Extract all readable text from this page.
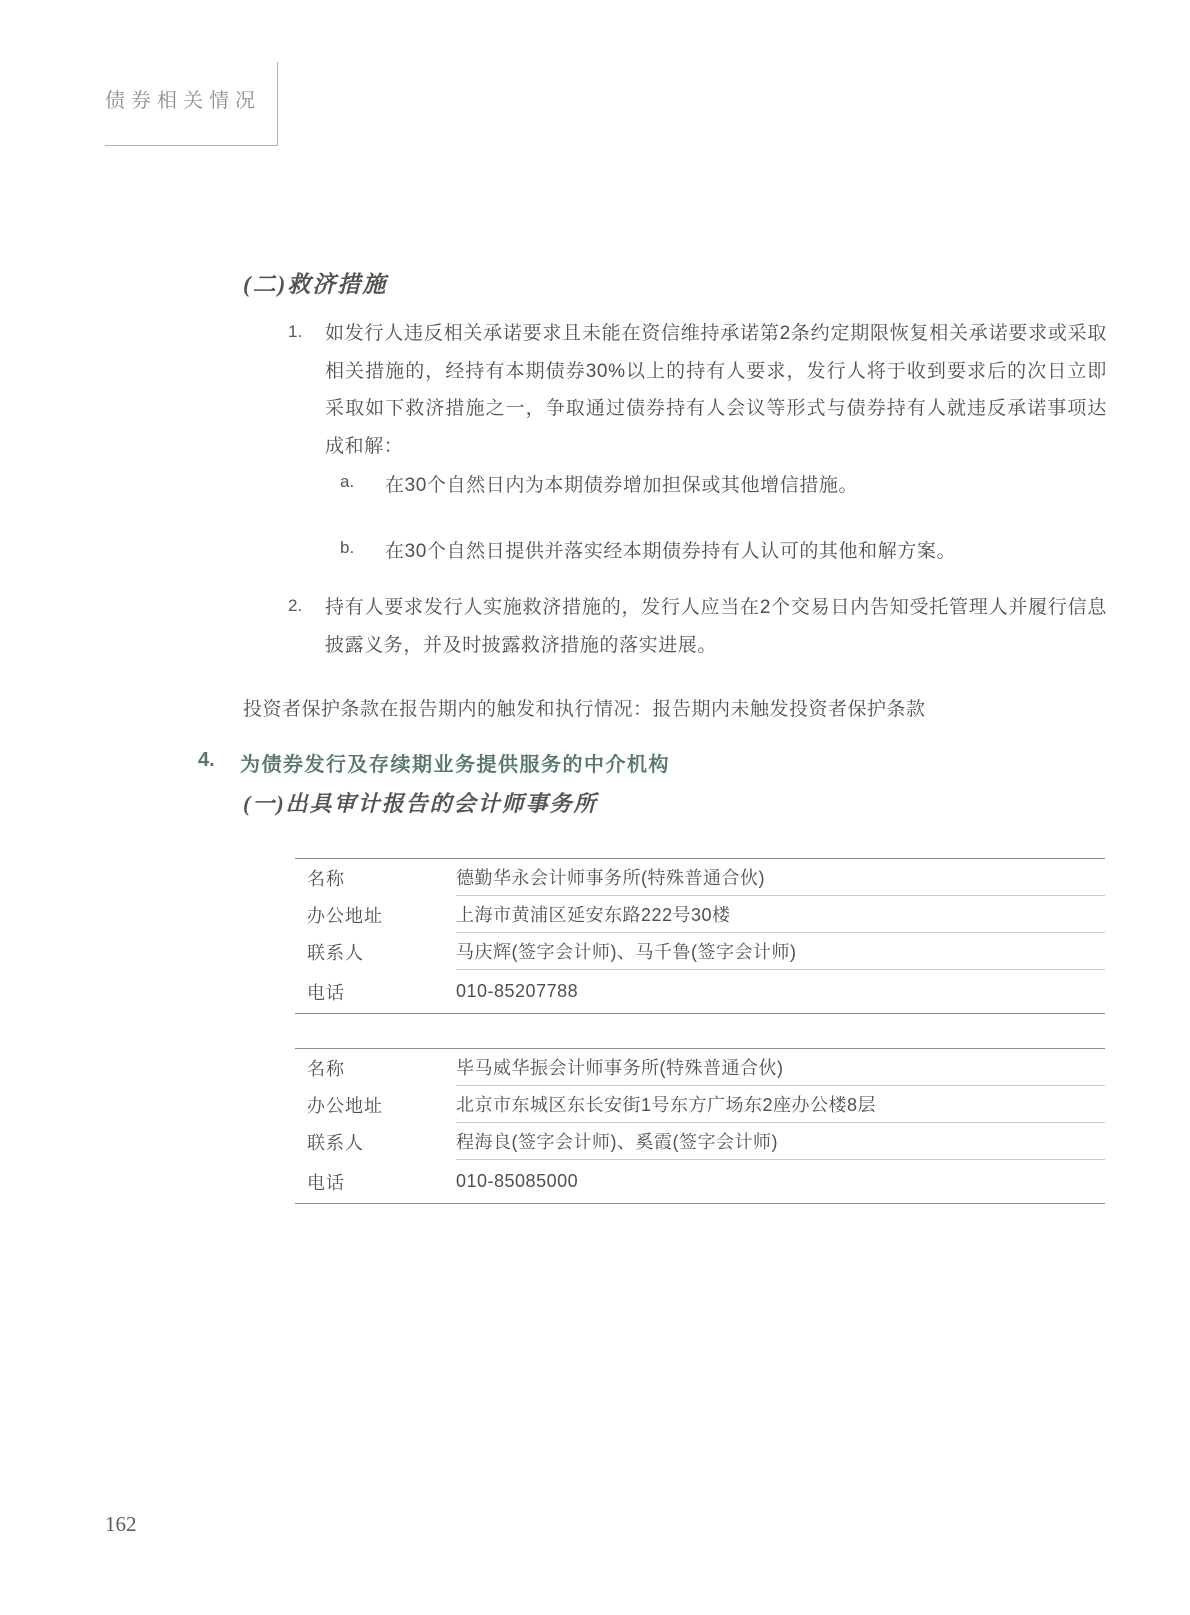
债券相关情况
(二)救济措施
1. 如发行人违反相关承诺要求且未能在资信维持承诺第2条约定期限恢复相关承诺要求或采取相关措施的，经持有本期债券30%以上的持有人要求，发行人将于收到要求后的次日立即采取如下救济措施之一，争取通过债券持有人会议等形式与债券持有人就违反承诺事项达成和解：
a. 在30个自然日内为本期债券增加担保或其他增信措施。
b. 在30个自然日提供并落实经本期债券持有人认可的其他和解方案。
2. 持有人要求发行人实施救济措施的，发行人应当在2个交易日内告知受托管理人并履行信息披露义务，并及时披露救济措施的落实进展。
投资者保护条款在报告期内的触发和执行情况：报告期内未触发投资者保护条款
4. 为债券发行及存续期业务提供服务的中介机构
(一)出具审计报告的会计师事务所
名称	德勤华永会计师事务所(特殊普通合伙)
办公地址	上海市黄浦区延安东路222号30楼
联系人	马庆辉(签字会计师)、马千鲁(签字会计师)
电话	010-85207788
名称	毕马威华振会计师事务所(特殊普通合伙)
办公地址	北京市东城区东长安街1号东方广场东2座办公楼8层
联系人	程海良(签字会计师)、奚霞(签字会计师)
电话	010-85085000
162
